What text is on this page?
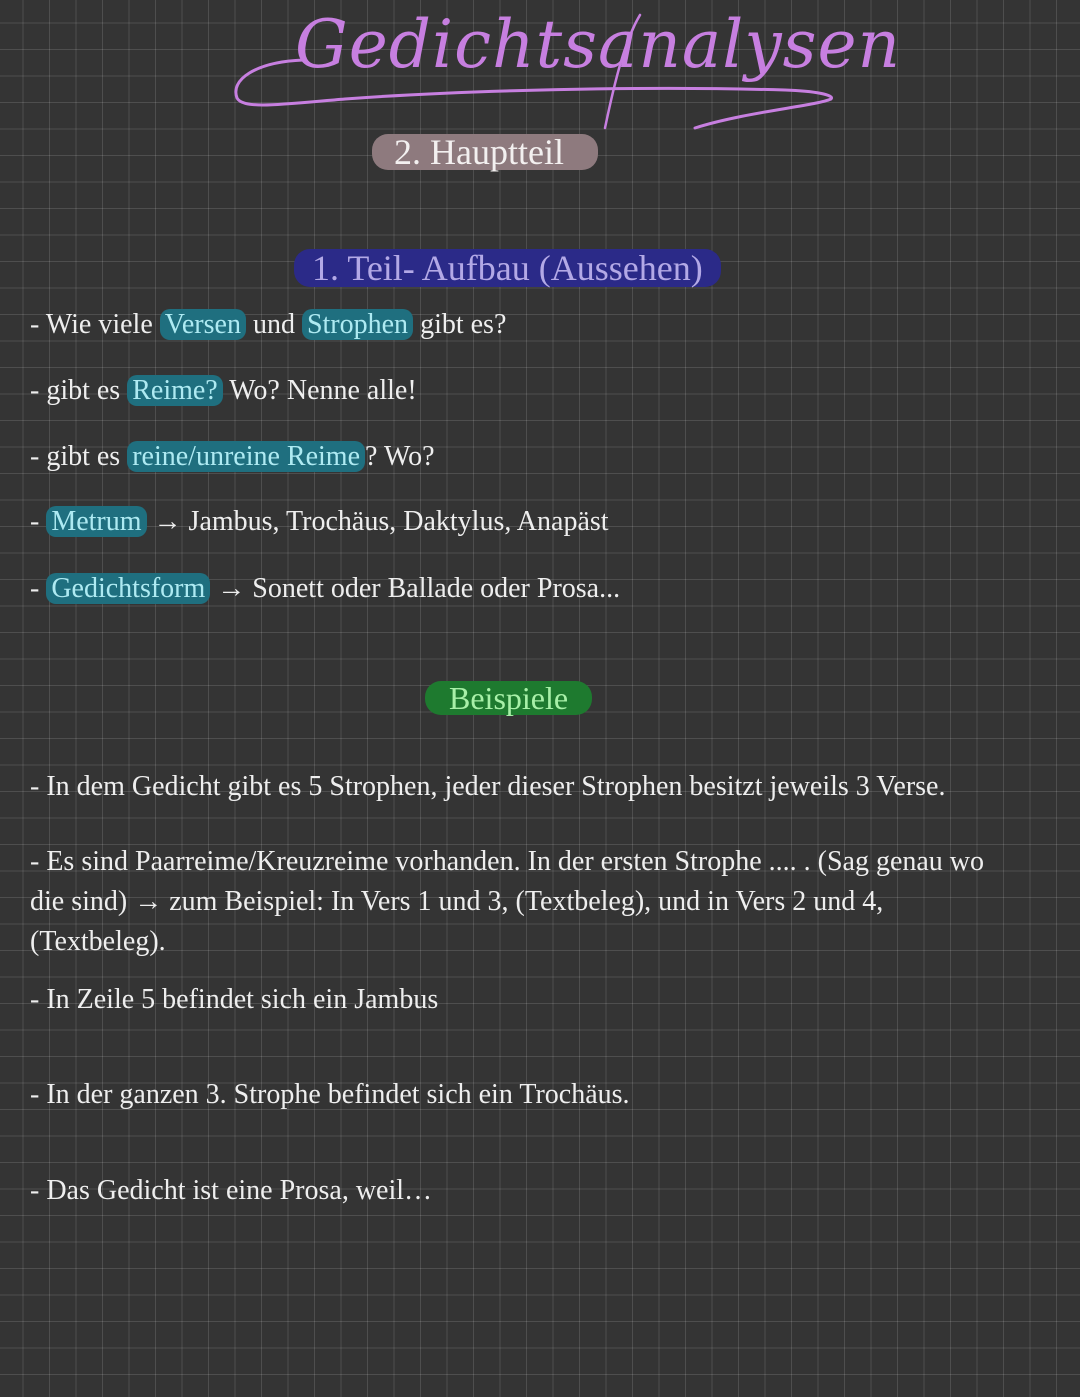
Gedichtsanalysen
2. Hauptteil
1. Teil- Aufbau (Aussehen)
- Wie viele Versen und Strophen gibt es?
- gibt es Reime? Wo? Nenne alle!
- gibt es reine/unreine Reime ? Wo?
- Metrum → Jambus, Trochäus, Daktylus, Anapäst
- Gedichtsform → Sonett oder Ballade oder Prosa...
Beispiele
- In dem Gedicht gibt es 5 Strophen, jeder dieser Strophen besitzt jeweils 3 Verse.
- Es sind Paarreime/Kreuzreime vorhanden. In der ersten Strophe .... . (Sag genau wo die sind) → zum Beispiel: In Vers 1 und 3, (Textbeleg), und in Vers 2 und 4, (Textbeleg).
- In Zeile 5 befindet sich ein Jambus
- In der ganzen 3. Strophe befindet sich ein Trochäus.
- Das Gedicht ist eine Prosa, weil…
